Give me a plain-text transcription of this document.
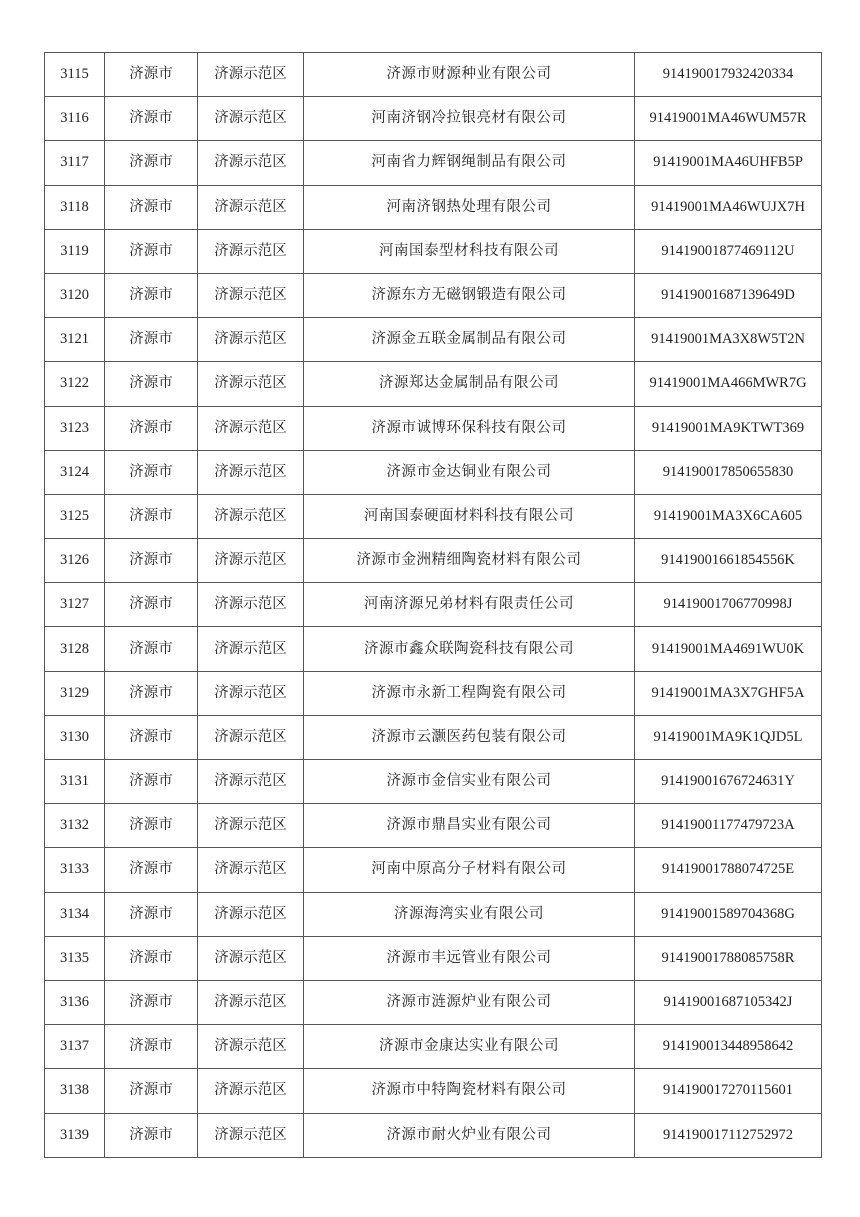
3115	济源市	济源示范区	济源市财源种业有限公司	914190017932420334
3116	济源市	济源示范区	河南济钢冷拉银亮材有限公司	91419001MA46WUM57R
3117	济源市	济源示范区	河南省力辉钢绳制品有限公司	91419001MA46UHFB5P
3118	济源市	济源示范区	河南济钢热处理有限公司	91419001MA46WUJX7H
3119	济源市	济源示范区	河南国泰型材科技有限公司	91419001877469112U
3120	济源市	济源示范区	济源东方无磁钢锻造有限公司	91419001687139649D
3121	济源市	济源示范区	济源金五联金属制品有限公司	91419001MA3X8W5T2N
3122	济源市	济源示范区	济源郑达金属制品有限公司	91419001MA466MWR7G
3123	济源市	济源示范区	济源市诚博环保科技有限公司	91419001MA9KTWT369
3124	济源市	济源示范区	济源市金达铜业有限公司	914190017850655830
3125	济源市	济源示范区	河南国泰硬面材料科技有限公司	91419001MA3X6CA605
3126	济源市	济源示范区	济源市金洲精细陶瓷材料有限公司	91419001661854556K
3127	济源市	济源示范区	河南济源兄弟材料有限责任公司	91419001706770998J
3128	济源市	济源示范区	济源市鑫众联陶瓷科技有限公司	91419001MA4691WU0K
3129	济源市	济源示范区	济源市永新工程陶瓷有限公司	91419001MA3X7GHF5A
3130	济源市	济源示范区	济源市云灏医药包装有限公司	91419001MA9K1QJD5L
3131	济源市	济源示范区	济源市金信实业有限公司	91419001676724631Y
3132	济源市	济源示范区	济源市鼎昌实业有限公司	91419001177479723A
3133	济源市	济源示范区	河南中原高分子材料有限公司	91419001788074725E
3134	济源市	济源示范区	济源海湾实业有限公司	91419001589704368G
3135	济源市	济源示范区	济源市丰远管业有限公司	91419001788085758R
3136	济源市	济源示范区	济源市涟源炉业有限公司	91419001687105342J
3137	济源市	济源示范区	济源市金康达实业有限公司	914190013448958642
3138	济源市	济源示范区	济源市中特陶瓷材料有限公司	914190017270115601
3139	济源市	济源示范区	济源市耐火炉业有限公司	914190017112752972
